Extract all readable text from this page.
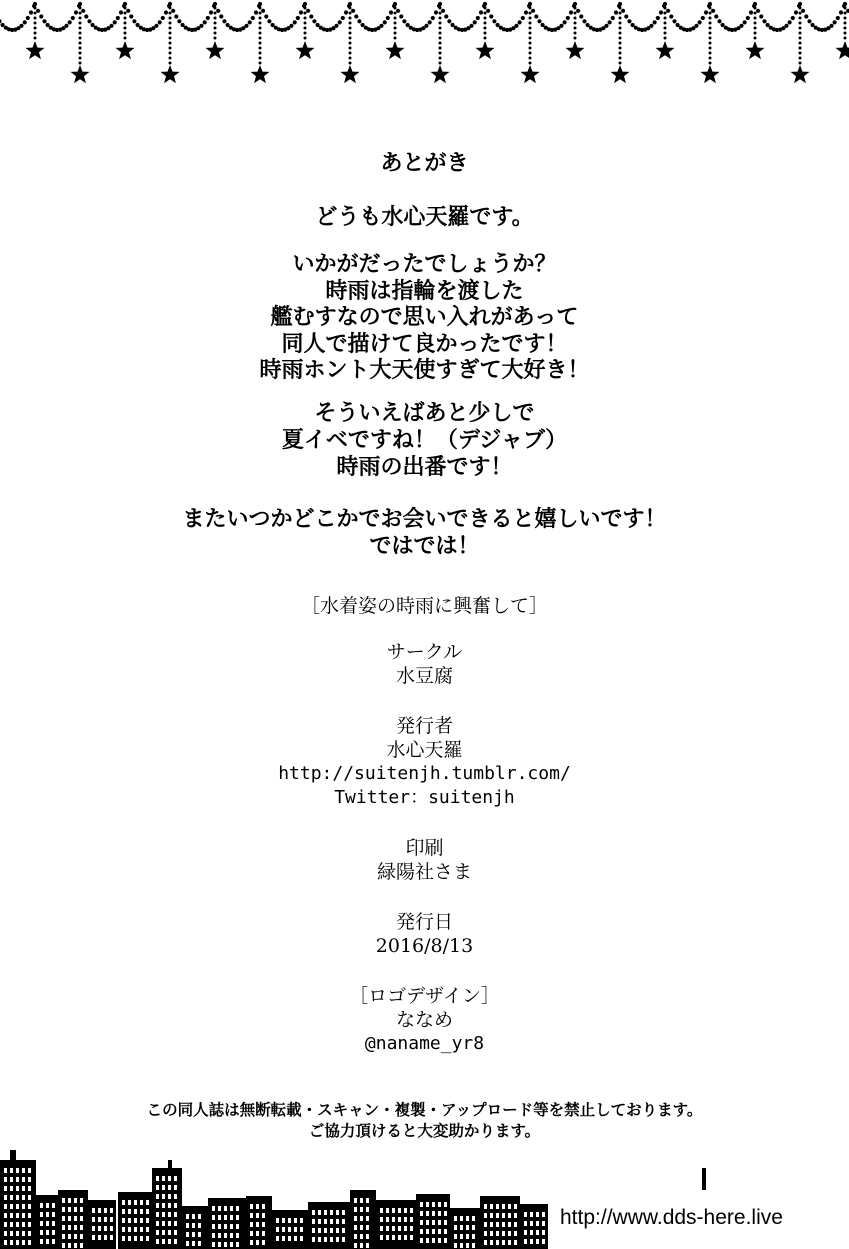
あとがき
どうも水心天羅です。
いかがだったでしょうか？
時雨は指輪を渡した
艦むすなので思い入れがあって
同人で描けて良かったです！
時雨ホント大天使すぎて大好き！
そういえばあと少しで
夏イベですね！（デジャブ）
時雨の出番です！
またいつかどこかでお会いできると嬉しいです！
ではでは！
［水着姿の時雨に興奮して］
サークル
水豆腐
発行者
水心天羅
http://suitenjh.tumblr.com/
Twitter：suitenjh
印刷
緑陽社さま
発行日
2016/8/13
［ロゴデザイン］
ななめ
@naname_yr8
この同人誌は無断転載・スキャン・複製・アップロード等を禁止しております。
ご協力頂けると大変助かります。
http://www.dds-here.live
